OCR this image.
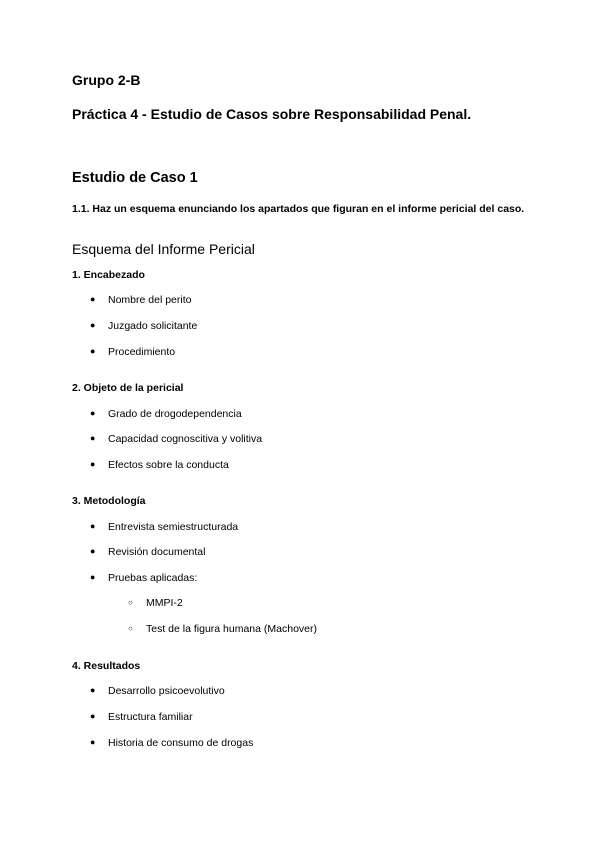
Grupo 2-B
Práctica 4 - Estudio de Casos sobre Responsabilidad Penal.
Estudio de Caso 1

1.1. Haz un esquema enunciando los apartados que figuran en el informe pericial del caso.

Esquema del Informe Pericial
1. Encabezado
● Nombre del perito
● Juzgado solicitante
● Procedimiento
2. Objeto de la pericial
● Grado de drogodependencia
● Capacidad cognoscitiva y volitiva
● Efectos sobre la conducta
3. Metodología
● Entrevista semiestructurada
● Revisión documental
● Pruebas aplicadas:
○ MMPI-2
○ Test de la figura humana (Machover)
4. Resultados
● Desarrollo psicoevolutivo
● Estructura familiar
● Historia de consumo de drogas
